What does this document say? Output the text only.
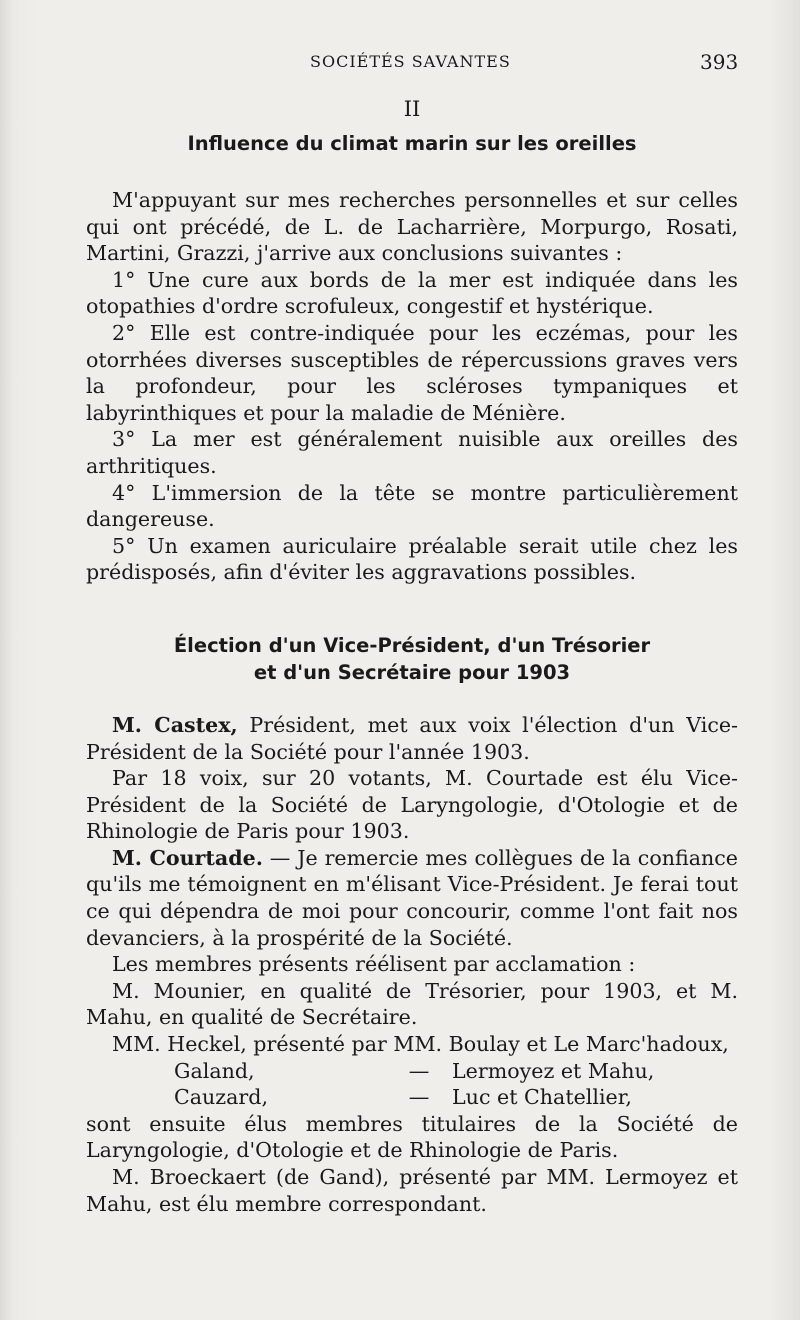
SOCIÉTÉS SAVANTES	393
II
Influence du climat marin sur les oreilles

M'appuyant sur mes recherches personnelles et sur celles qui ont précédé, de L. de Lacharrière, Morpurgo, Rosati, Martini, Grazzi, j'arrive aux conclusions suivantes :

1° Une cure aux bords de la mer est indiquée dans les otopathies d'ordre scrofuleux, congestif et hystérique.

2° Elle est contre-indiquée pour les eczémas, pour les otorrhées diverses susceptibles de répercussions graves vers la profondeur, pour les scléroses tympaniques et labyrinthiques et pour la maladie de Ménière.

3° La mer est généralement nuisible aux oreilles des arthritiques.

4° L'immersion de la tête se montre particulièrement dangereuse.

5° Un examen auriculaire préalable serait utile chez les prédisposés, afin d'éviter les aggravations possibles.

Élection d'un Vice-Président, d'un Trésorier
et d'un Secrétaire pour 1903

M. Castex, Président, met aux voix l'élection d'un Vice-Président de la Société pour l'année 1903.

Par 18 voix, sur 20 votants, M. Courtade est élu Vice-Président de la Société de Laryngologie, d'Otologie et de Rhinologie de Paris pour 1903.

M. Courtade. — Je remercie mes collègues de la confiance qu'ils me témoignent en m'élisant Vice-Président. Je ferai tout ce qui dépendra de moi pour concourir, comme l'ont fait nos devanciers, à la prospérité de la Société.

Les membres présents réélisent par acclamation :

M. Mounier, en qualité de Trésorier, pour 1903, et M. Mahu, en qualité de Secrétaire.

MM. Heckel, présenté par MM. Boulay et Le Marc'hadoux,

Galand,	—	Lermoyez et Mahu,
Cauzard,	—	Luc et Chatellier,

sont ensuite élus membres titulaires de la Société de Laryngologie, d'Otologie et de Rhinologie de Paris.

M. Broeckaert (de Gand), présenté par MM. Lermoyez et Mahu, est élu membre correspondant.
